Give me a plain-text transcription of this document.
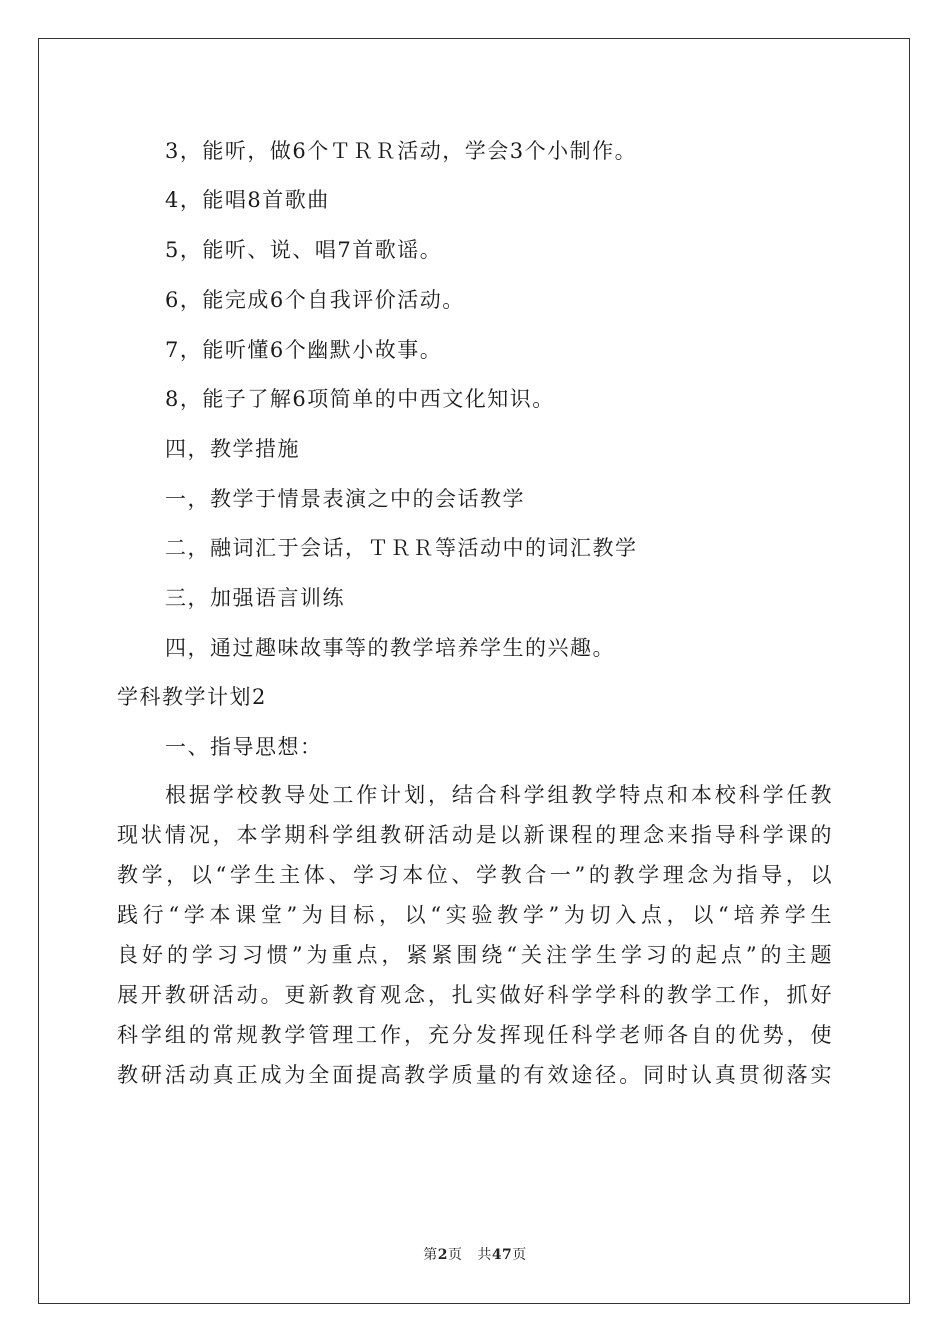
3，能听，做6个ＴＲＲ活动，学会3个小制作。
4，能唱8首歌曲
5，能听、说、唱7首歌谣。
6，能完成6个自我评价活动。
7，能听懂6个幽默小故事。
8，能子了解6项简单的中西文化知识。
四，教学措施
一，教学于情景表演之中的会话教学
二，融词汇于会话，ＴＲＲ等活动中的词汇教学
三，加强语言训练
四，通过趣味故事等的教学培养学生的兴趣。
学科教学计划2
一、指导思想：
根据学校教导处工作计划，结合科学组教学特点和本校科学任教
现状情况，本学期科学组教研活动是以新课程的理念来指导科学课的
教学，以“学生主体、学习本位、学教合一”的教学理念为指导，以
践行“学本课堂”为目标，以“实验教学”为切入点，以“培养学生
良好的学习习惯”为重点，紧紧围绕“关注学生学习的起点”的主题
展开教研活动。更新教育观念，扎实做好科学学科的教学工作，抓好
科学组的常规教学管理工作，充分发挥现任科学老师各自的优势，使
教研活动真正成为全面提高教学质量的有效途径。同时认真贯彻落实
第2页 共47页
